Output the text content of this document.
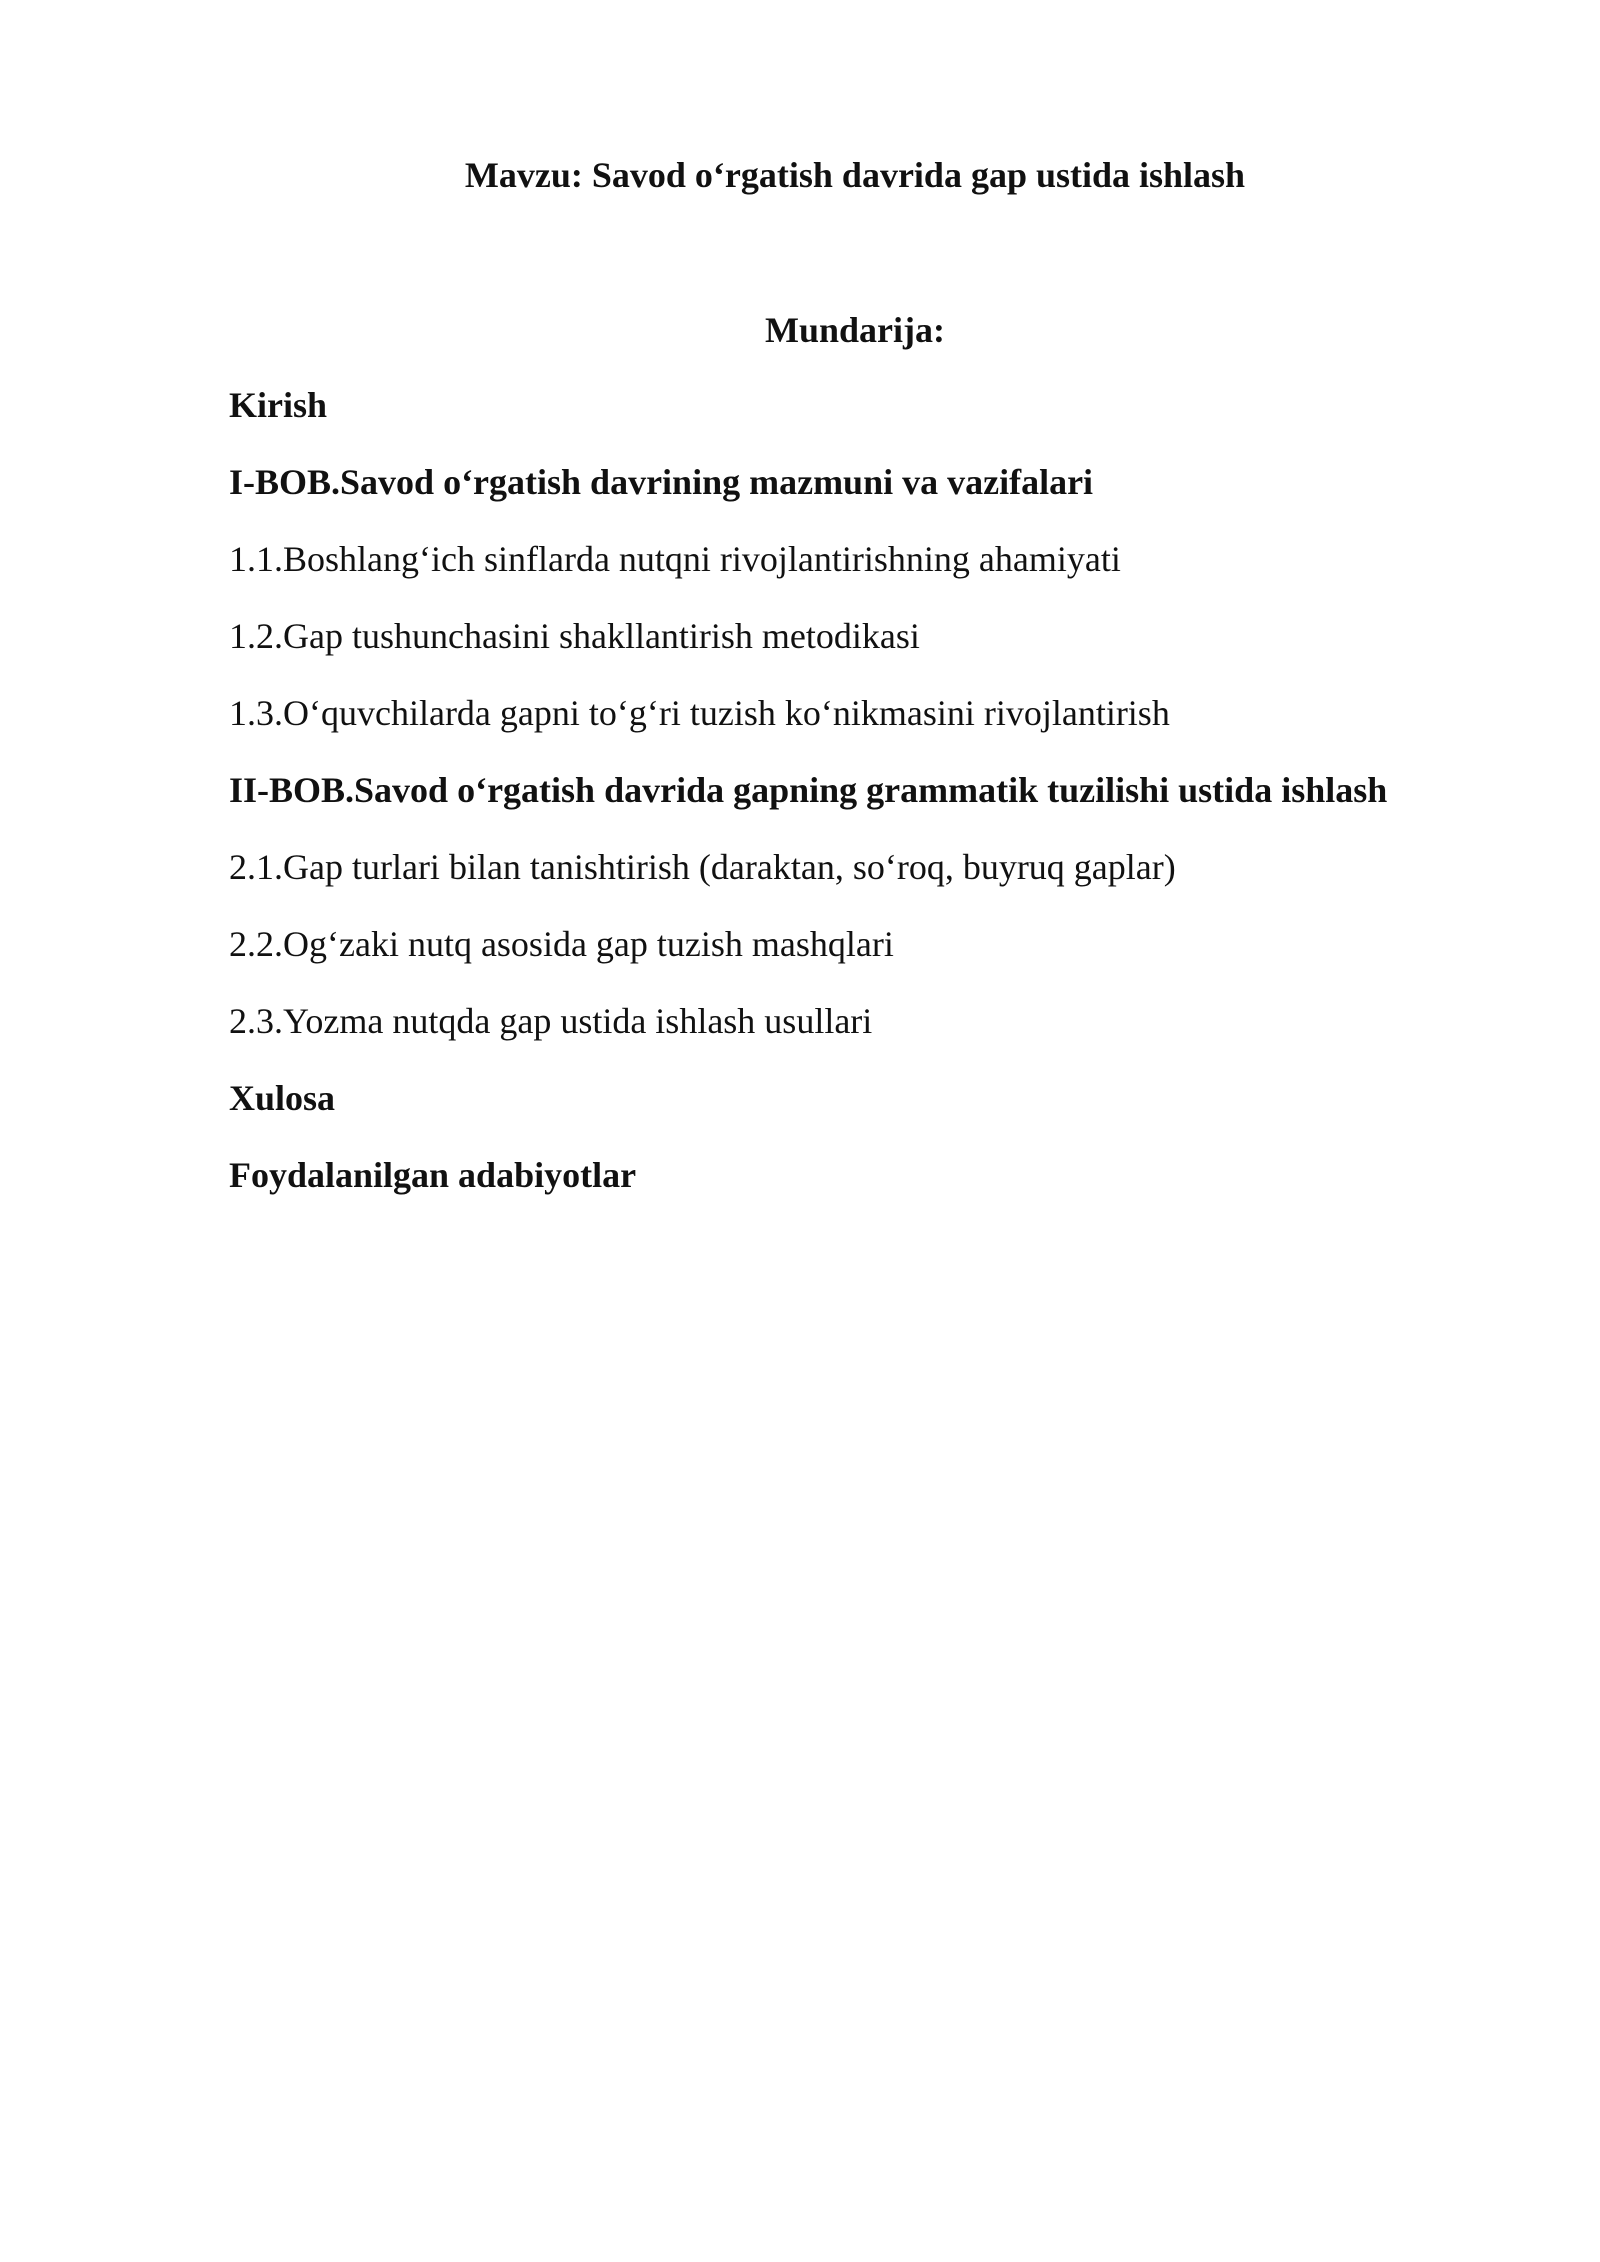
Mavzu: Savod o‘rgatish davrida gap ustida ishlash
Mundarija:
Kirish
I-BOB.Savod o‘rgatish davrining mazmuni va vazifalari
1.1.Boshlang‘ich sinflarda nutqni rivojlantirishning ahamiyati
1.2.Gap tushunchasini shakllantirish metodikasi
1.3.O‘quvchilarda gapni to‘g‘ri tuzish ko‘nikmasini rivojlantirish
II-BOB.Savod o‘rgatish davrida gapning grammatik tuzilishi ustida ishlash
2.1.Gap turlari bilan tanishtirish (daraktan, so‘roq, buyruq gaplar)
2.2.Og‘zaki nutq asosida gap tuzish mashqlari
2.3.Yozma nutqda gap ustida ishlash usullari
Xulosa
Foydalanilgan adabiyotlar
